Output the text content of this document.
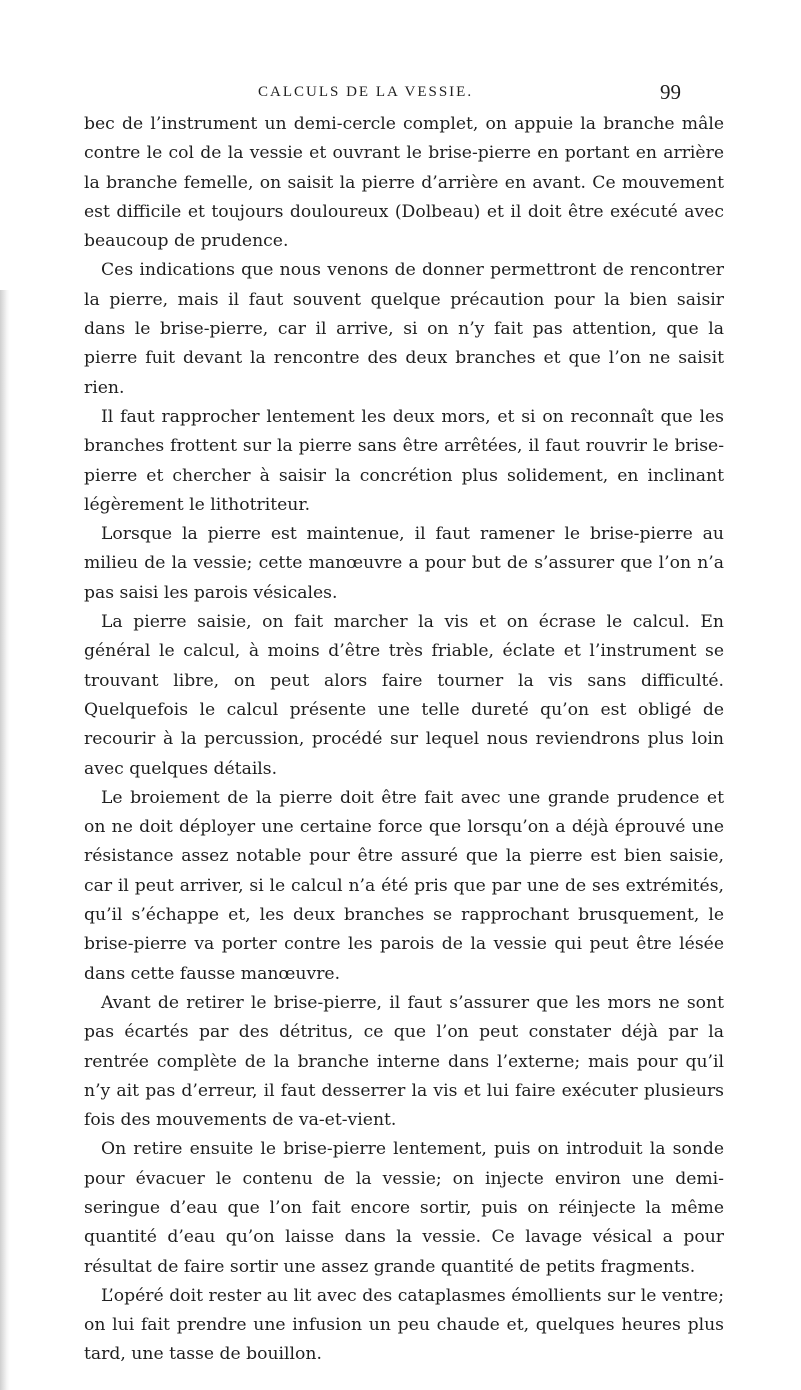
CALCULS DE LA VESSIE.	99

bec de l’instrument un demi-cercle complet, on appuie la branche mâle contre le col de la vessie et ouvrant le brise-pierre en portant en arrière la branche femelle, on saisit la pierre d’arrière en avant. Ce mouvement est difficile et toujours douloureux (Dolbeau) et il doit être exécuté avec beaucoup de prudence.

Ces indications que nous venons de donner permettront de rencontrer la pierre, mais il faut souvent quelque précaution pour la bien saisir dans le brise-pierre, car il arrive, si on n’y fait pas attention, que la pierre fuit devant la rencontre des deux branches et que l’on ne saisit rien.

Il faut rapprocher lentement les deux mors, et si on reconnaît que les branches frottent sur la pierre sans être arrêtées, il faut rouvrir le brise-pierre et chercher à saisir la concrétion plus solidement, en inclinant légèrement le lithotriteur.

Lorsque la pierre est maintenue, il faut ramener le brise-pierre au milieu de la vessie; cette manœuvre a pour but de s’assurer que l’on n’a pas saisi les parois vésicales.

La pierre saisie, on fait marcher la vis et on écrase le calcul. En général le calcul, à moins d’être très friable, éclate et l’instrument se trouvant libre, on peut alors faire tourner la vis sans difficulté. Quelquefois le calcul présente une telle dureté qu’on est obligé de recourir à la percussion, procédé sur lequel nous reviendrons plus loin avec quelques détails.

Le broiement de la pierre doit être fait avec une grande prudence et on ne doit déployer une certaine force que lorsqu’on a déjà éprouvé une résistance assez notable pour être assuré que la pierre est bien saisie, car il peut arriver, si le calcul n’a été pris que par une de ses extrémités, qu’il s’échappe et, les deux branches se rapprochant brusquement, le brise-pierre va porter contre les parois de la vessie qui peut être lésée dans cette fausse manœuvre.

Avant de retirer le brise-pierre, il faut s’assurer que les mors ne sont pas écartés par des détritus, ce que l’on peut constater déjà par la rentrée complète de la branche interne dans l’externe; mais pour qu’il n’y ait pas d’erreur, il faut desserrer la vis et lui faire exécuter plusieurs fois des mouvements de va-et-vient.

On retire ensuite le brise-pierre lentement, puis on introduit la sonde pour évacuer le contenu de la vessie; on injecte environ une demi-seringue d’eau que l’on fait encore sortir, puis on réinjecte la même quantité d’eau qu’on laisse dans la vessie. Ce lavage vésical a pour résultat de faire sortir une assez grande quantité de petits fragments.

L’opéré doit rester au lit avec des cataplasmes émollients sur le ventre; on lui fait prendre une infusion un peu chaude et, quelques heures plus tard, une tasse de bouillon.
